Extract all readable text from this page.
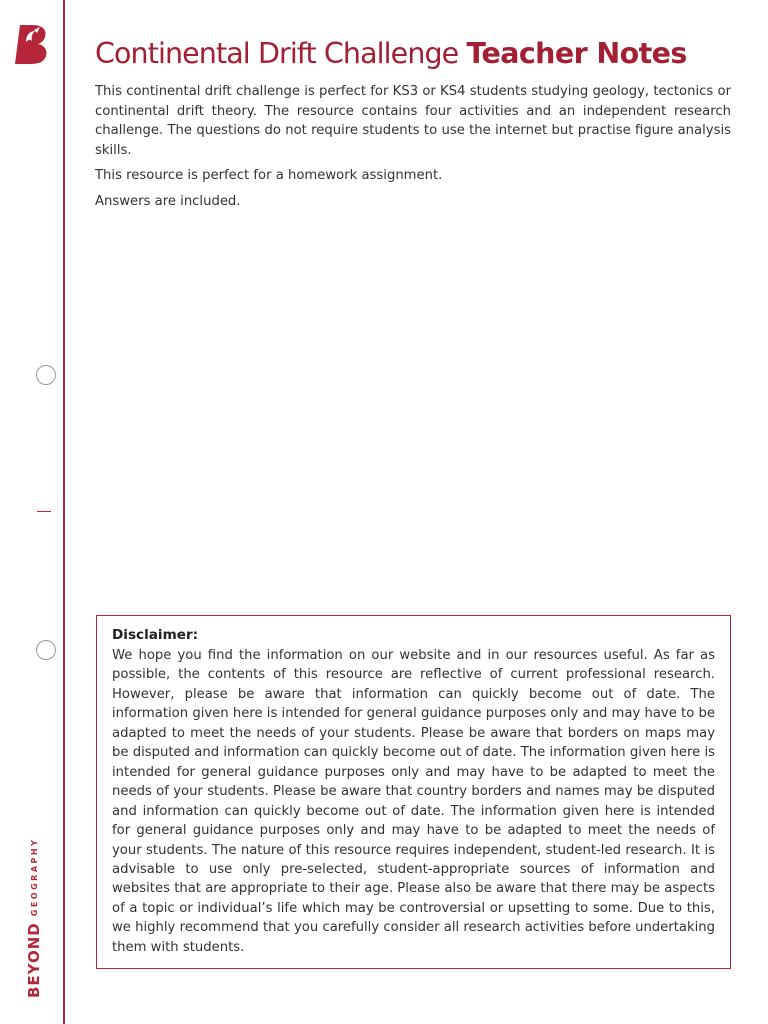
BEYONDGEOGRAPHY
Continental Drift Challenge Teacher Notes

This continental drift challenge is perfect for KS3 or KS4 students studying geology, tectonics or continental drift theory. The resource contains four activities and an independent research challenge. The questions do not require students to use the internet but practise figure analysis skills.

This resource is perfect for a homework assignment.

Answers are included.

Disclaimer:

We hope you find the information on our website and in our resources useful. As far as possible, the contents of this resource are reflective of current professional research. However, please be aware that information can quickly become out of date. The information given here is intended for general guidance purposes only and may have to be adapted to meet the needs of your students. Please be aware that borders on maps may be disputed and information can quickly become out of date. The information given here is intended for general guidance purposes only and may have to be adapted to meet the needs of your students. Please be aware that country borders and names may be disputed and information can quickly become out of date. The information given here is intended for general guidance purposes only and may have to be adapted to meet the needs of your students. The nature of this resource requires independent, student-led research. It is advisable to use only pre-selected, student-appropriate sources of information and websites that are appropriate to their age. Please also be aware that there may be aspects of a topic or individual’s life which may be controversial or upsetting to some. Due to this, we highly recommend that you carefully consider all research activities before undertaking them with students.
